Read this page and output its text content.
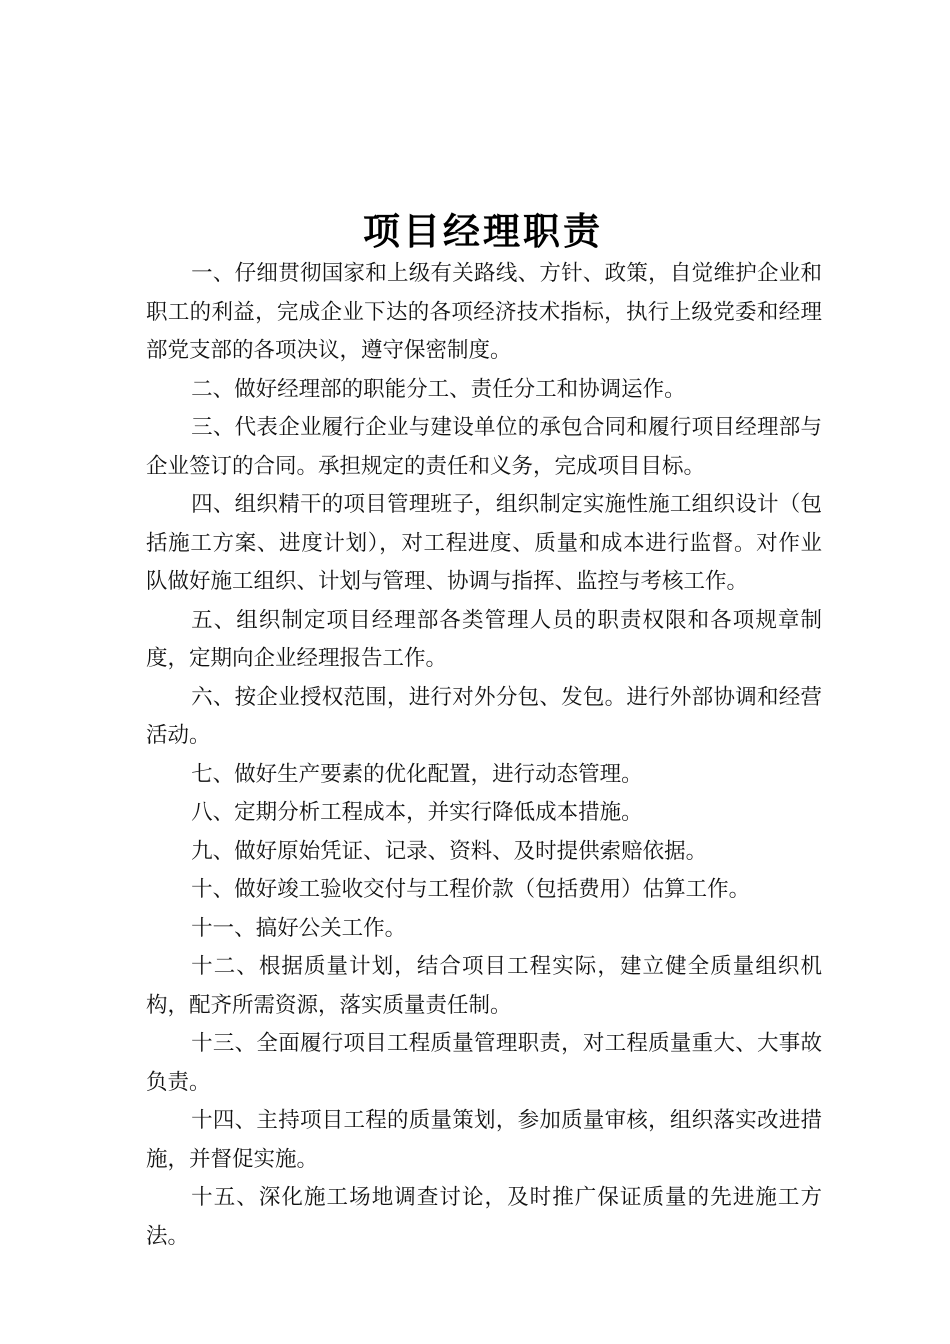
项目经理职责

一、仔细贯彻国家和上级有关路线、方针、政策，自觉维护企业和职工的利益，完成企业下达的各项经济技术指标，执行上级党委和经理部党支部的各项决议，遵守保密制度。

二、做好经理部的职能分工、责任分工和协调运作。

三、代表企业履行企业与建设单位的承包合同和履行项目经理部与企业签订的合同。承担规定的责任和义务，完成项目目标。

四、组织精干的项目管理班子，组织制定实施性施工组织设计（包括施工方案、进度计划），对工程进度、质量和成本进行监督。对作业队做好施工组织、计划与管理、协调与指挥、监控与考核工作。

五、组织制定项目经理部各类管理人员的职责权限和各项规章制度，定期向企业经理报告工作。

六、按企业授权范围，进行对外分包、发包。进行外部协调和经营活动。

七、做好生产要素的优化配置，进行动态管理。

八、定期分析工程成本，并实行降低成本措施。

九、做好原始凭证、记录、资料、及时提供索赔依据。

十、做好竣工验收交付与工程价款（包括费用）估算工作。

十一、搞好公关工作。

十二、根据质量计划，结合项目工程实际，建立健全质量组织机构，配齐所需资源，落实质量责任制。

十三、全面履行项目工程质量管理职责，对工程质量重大、大事故负责。

十四、主持项目工程的质量策划，参加质量审核，组织落实改进措施，并督促实施。

十五、深化施工场地调查讨论，及时推广保证质量的先进施工方法。
